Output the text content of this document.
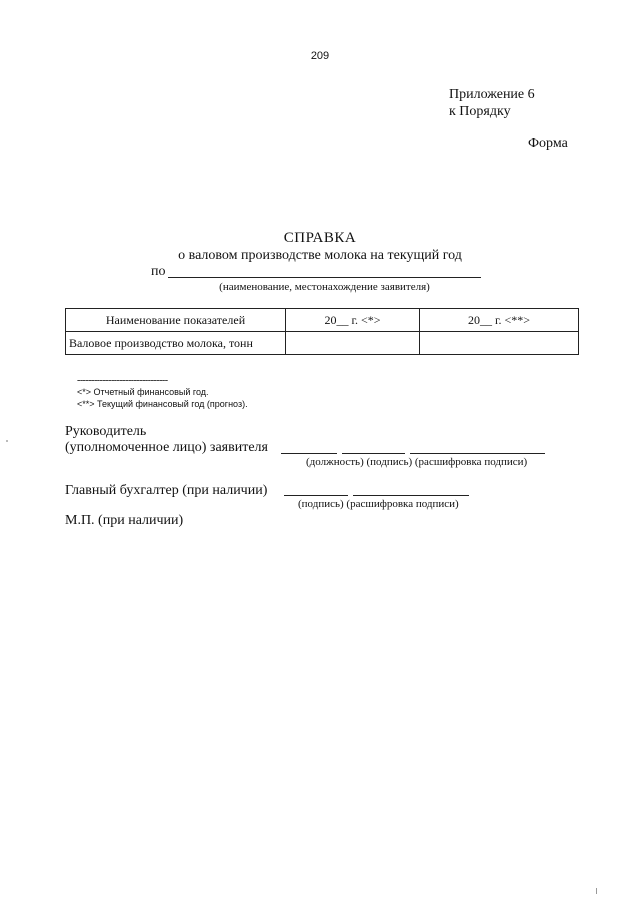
209
Приложение 6
к Порядку
Форма
СПРАВКА
о валовом производстве молока на текущий год
по
(наименование, местонахождение заявителя)
Наименование показателей	20__ г. <*>	20__ г. <**>
Валовое производство молока, тонн		
--------------------------------
<*> Отчетный финансовый год.
<**> Текущий финансовый год (прогноз).
Руководитель
(уполномоченное лицо) заявителя
(должность) (подпись) (расшифровка подписи)
Главный бухгалтер (при наличии)
(подпись) (расшифровка подписи)
М.П. (при наличии)
